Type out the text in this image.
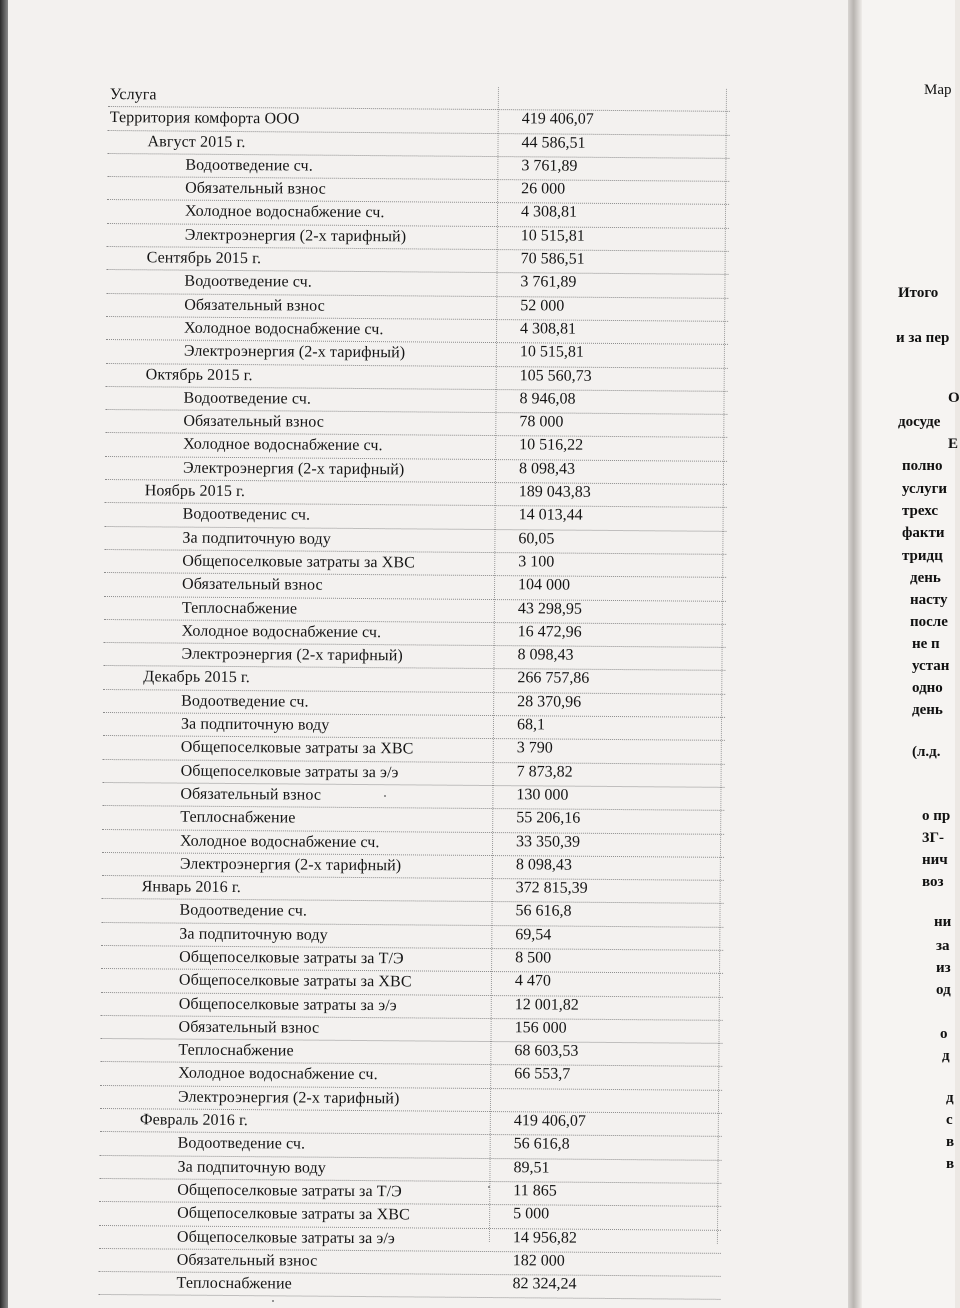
Услуга
Территория комфорта ООО	419 406,07
Август 2015 г.	44 586,51
Водоотведение сч.	3 761,89
Обязательный взнос	26 000
Холодное водоснабжение сч.	4 308,81
Электроэнергия (2-х тарифный)	10 515,81
Сентябрь 2015 г.	70 586,51
Водоотведение сч.	3 761,89
Обязательный взнос	52 000
Холодное водоснабжение сч.	4 308,81
Электроэнергия (2-х тарифный)	10 515,81
Октябрь 2015 г.	105 560,73
Водоотведение сч.	8 946,08
Обязательный взнос	78 000
Холодное водоснабжение сч.	10 516,22
Электроэнергия (2-х тарифный)	8 098,43
Ноябрь 2015 г.	189 043,83
Водоотведенис сч.	14 013,44
За подпиточную воду	60,05
Общепоселковые затраты за ХВС	3 100
Обязательный взнос	104 000
Теплоснабжение	43 298,95
Холодное водоснабжение сч.	16 472,96
Электроэнергия (2-х тарифный)	8 098,43
Декабрь 2015 г.	266 757,86
Водоотведение сч.	28 370,96
За подпиточную воду	68,1
Общепоселковые затраты за ХВС	3 790
Общепоселковые затраты за э/э	7 873,82
Обязательный взнос	130 000
Теплоснабжение	55 206,16
Холодное водоснабжение сч.	33 350,39
Электроэнергия (2-х тарифный)	8 098,43
Январь 2016 г.	372 815,39
Водоотведение сч.	56 616,8
За подпиточную воду	69,54
Общепоселковые затраты за Т/Э	8 500
Общепоселковые затраты за ХВС	4 470
Общепоселковые затраты за э/э	12 001,82
Обязательный взнос	156 000
Теплоснабжение	68 603,53
Холодное водоснабжение сч.	66 553,7
Электроэнергия (2-х тарифный)
Февраль 2016 г.	419 406,07
Водоотведение сч.	56 616,8
За подпиточную воду	89,51
Общепоселковые затраты за Т/Э	11 865
Общепоселковые затраты за ХВС	5 000
Общепоселковые затраты за э/э	14 956,82
Обязательный взнос	182 000
Теплоснабжение	82 324,24
Мар
Итого
и за пер
О
досуде
Е
полно
услуги
трехс
факти
тридц
день
насту
после
не п
устан
одно
день
(л.д.
о пр
3Г-
нич
воз
ни
за
из
од
о
д
д
с
в
в
